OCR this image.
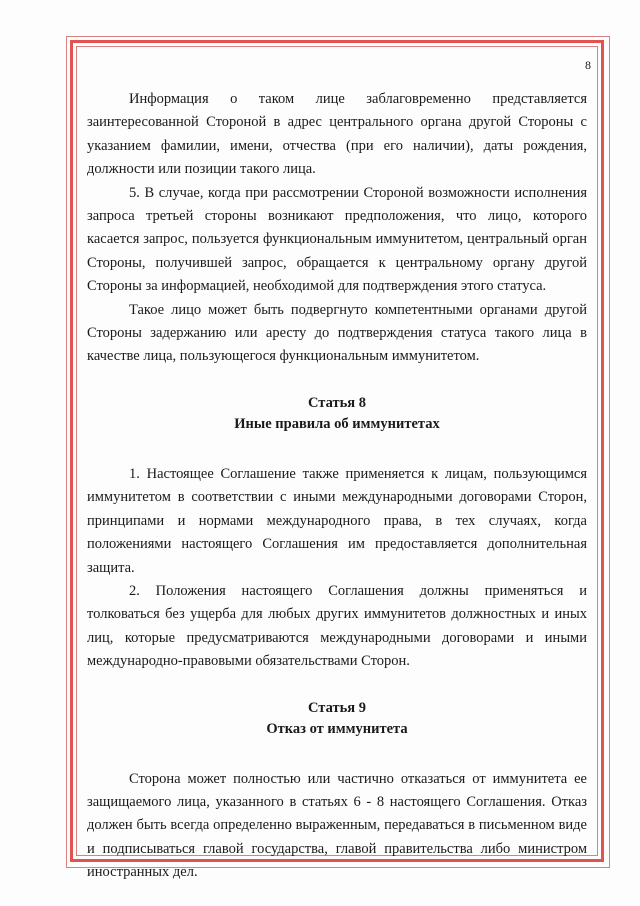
8

Информация о таком лице заблаговременно представляется заинтересованной Стороной в адрес центрального органа другой Стороны с указанием фамилии, имени, отчества (при его наличии), даты рождения, должности или позиции такого лица.

5. В случае, когда при рассмотрении Стороной возможности исполнения запроса третьей стороны возникают предположения, что лицо, которого касается запрос, пользуется функциональным иммунитетом, центральный орган Стороны, получившей запрос, обращается к центральному органу другой Стороны за информацией, необходимой для подтверждения этого статуса.

Такое лицо может быть подвергнуто компетентными органами другой Стороны задержанию или аресту до подтверждения статуса такого лица в качестве лица, пользующегося функциональным иммунитетом.

Статья 8

Иные правила об иммунитетах

1. Настоящее Соглашение также применяется к лицам, пользующимся иммунитетом в соответствии с иными международными договорами Сторон, принципами и нормами международного права, в тех случаях, когда положениями настоящего Соглашения им предоставляется дополнительная защита.

2. Положения настоящего Соглашения должны применяться и толковаться без ущерба для любых других иммунитетов должностных и иных лиц, которые предусматриваются международными договорами и иными международно-правовыми обязательствами Сторон.

Статья 9

Отказ от иммунитета

Сторона может полностью или частично отказаться от иммунитета ее защищаемого лица, указанного в статьях 6 - 8 настоящего Соглашения. Отказ должен быть всегда определенно выраженным, передаваться в письменном виде и подписываться главой государства, главой правительства либо министром иностранных дел.
